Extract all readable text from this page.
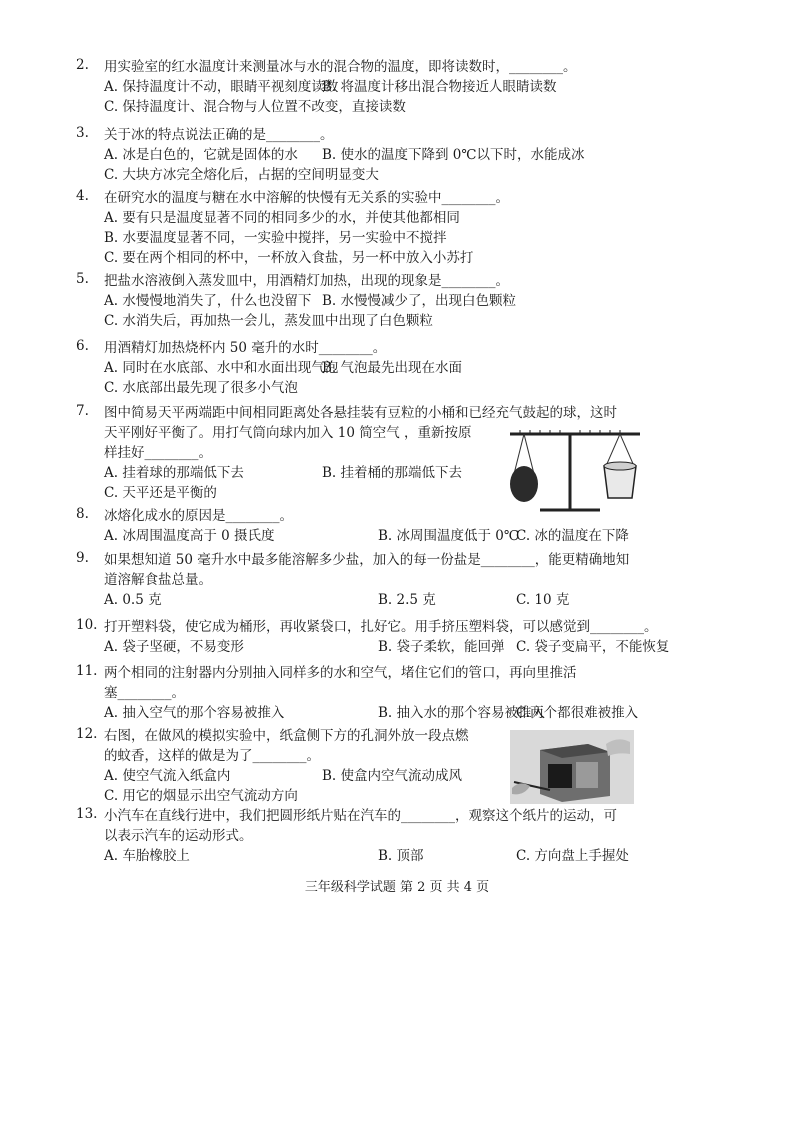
2.	用实验室的红水温度计来测量冰与水的混合物的温度，即将读数时，________。
A. 保持温度计不动，眼睛平视刻度读数
B. 将温度计移出混合物接近人眼睛读数
C. 保持温度计、混合物与人位置不改变，直接读数
3.	关于冰的特点说法正确的是________。
A. 冰是白色的，它就是固体的水 B. 使水的温度下降到 0℃以下时，水能成冰
C. 大块方冰完全熔化后，占据的空间明显变大
4.	在研究水的温度与糖在水中溶解的快慢有无关系的实验中________。
A. 要有只是温度显著不同的相同多少的水，并使其他都相同
B. 水要温度显著不同，一实验中搅拌，另一实验中不搅拌
C. 要在两个相同的杯中，一杯放入食盐，另一杯中放入小苏打
5.	把盐水溶液倒入蒸发皿中，用酒精灯加热，出现的现象是________。
A. 水慢慢地消失了，什么也没留下 B. 水慢慢减少了，出现白色颗粒
C. 水消失后，再加热一会儿，蒸发皿中出现了白色颗粒
6.	用酒精灯加热烧杯内 50 毫升的水时________。
A. 同时在水底部、水中和水面出现气泡
B. 气泡最先出现在水面
C. 水底部出最先现了很多小气泡
7.	图中简易天平两端距中间相同距离处各悬挂装有豆粒的小桶和已经充气鼓起的球，这时
天平刚好平衡了。用打气筒向球内加入 10 简空气 ，重新按原
样挂好________。
A. 挂着球的那端低下去	B. 挂着桶的那端低下去
C. 天平还是平衡的
8.	冰熔化成水的原因是________。
A. 冰周围温度高于 0 摄氏度	B. 冰周围温度低于 0℃
C. 冰的温度在下降
9.	如果想知道 50 毫升水中最多能溶解多少盐，加入的每一份盐是________，能更精确地知
道溶解食盐总量。
A. 0.5 克	B. 2.5 克	C. 10 克
10. 打开塑料袋，使它成为桶形，再收紧袋口，扎好它。用手挤压塑料袋，可以感觉到________。
A. 袋子坚硬，不易变形	B. 袋子柔软，能回弹 C. 袋子变扁平，不能恢复
11. 两个相同的注射器内分别抽入同样多的水和空气，堵住它们的管口，再向里推活
塞________。
A. 抽入空气的那个容易被推入	B. 抽入水的那个容易被推入
C.两个都很难被推入
12. 右图，在做风的模拟实验中，纸盒侧下方的孔洞外放一段点燃
的蚊香，这样的做是为了________。
A. 使空气流入纸盒内	B. 使盒内空气流动成风
C. 用它的烟显示出空气流动方向
13. 小汽车在直线行进中，我们把圆形纸片贴在汽车的________，观察这个纸片的运动，可
以表示汽车的运动形式。
A. 车胎橡胶上	B. 顶部	C. 方向盘上手握处
三年级科学试题 第 2 页 共 4 页
